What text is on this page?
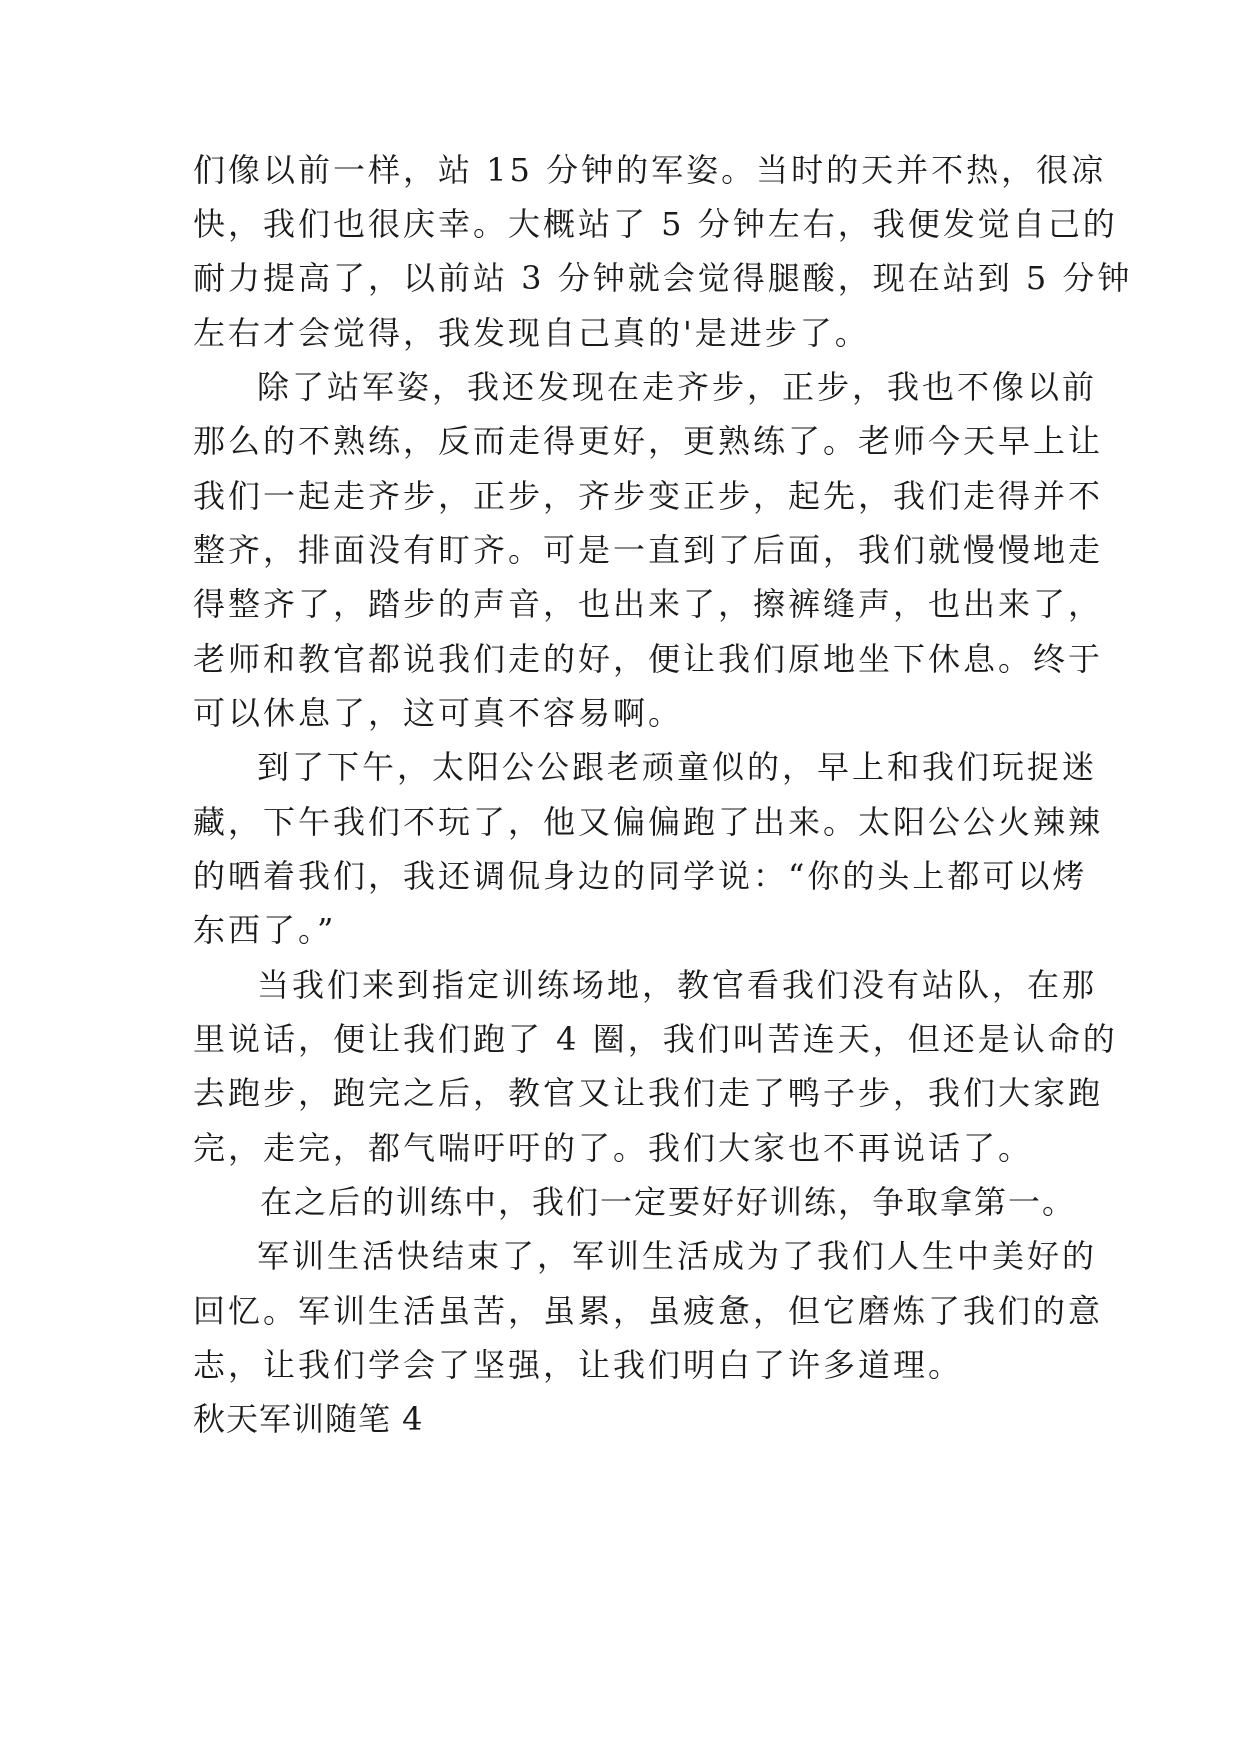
们像以前一样，站 15 分钟的军姿。当时的天并不热，很凉
快，我们也很庆幸。大概站了 5 分钟左右，我便发觉自己的
耐力提高了，以前站 3 分钟就会觉得腿酸，现在站到 5 分钟
左右才会觉得，我发现自己真的'是进步了。
除了站军姿，我还发现在走齐步，正步，我也不像以前
那么的不熟练，反而走得更好，更熟练了。老师今天早上让
我们一起走齐步，正步，齐步变正步，起先，我们走得并不
整齐，排面没有盯齐。可是一直到了后面，我们就慢慢地走
得整齐了，踏步的声音，也出来了，擦裤缝声，也出来了，
老师和教官都说我们走的好，便让我们原地坐下休息。终于
可以休息了，这可真不容易啊。
到了下午，太阳公公跟老顽童似的，早上和我们玩捉迷
藏，下午我们不玩了，他又偏偏跑了出来。太阳公公火辣辣
的晒着我们，我还调侃身边的同学说：“你的头上都可以烤
东西了。”
当我们来到指定训练场地，教官看我们没有站队，在那
里说话，便让我们跑了 4 圈，我们叫苦连天，但还是认命的
去跑步，跑完之后，教官又让我们走了鸭子步，我们大家跑
完，走完，都气喘吁吁的了。我们大家也不再说话了。
在之后的训练中，我们一定要好好训练，争取拿第一。
军训生活快结束了，军训生活成为了我们人生中美好的
回忆。军训生活虽苦，虽累，虽疲惫，但它磨炼了我们的意
志，让我们学会了坚强，让我们明白了许多道理。
秋天军训随笔 4
